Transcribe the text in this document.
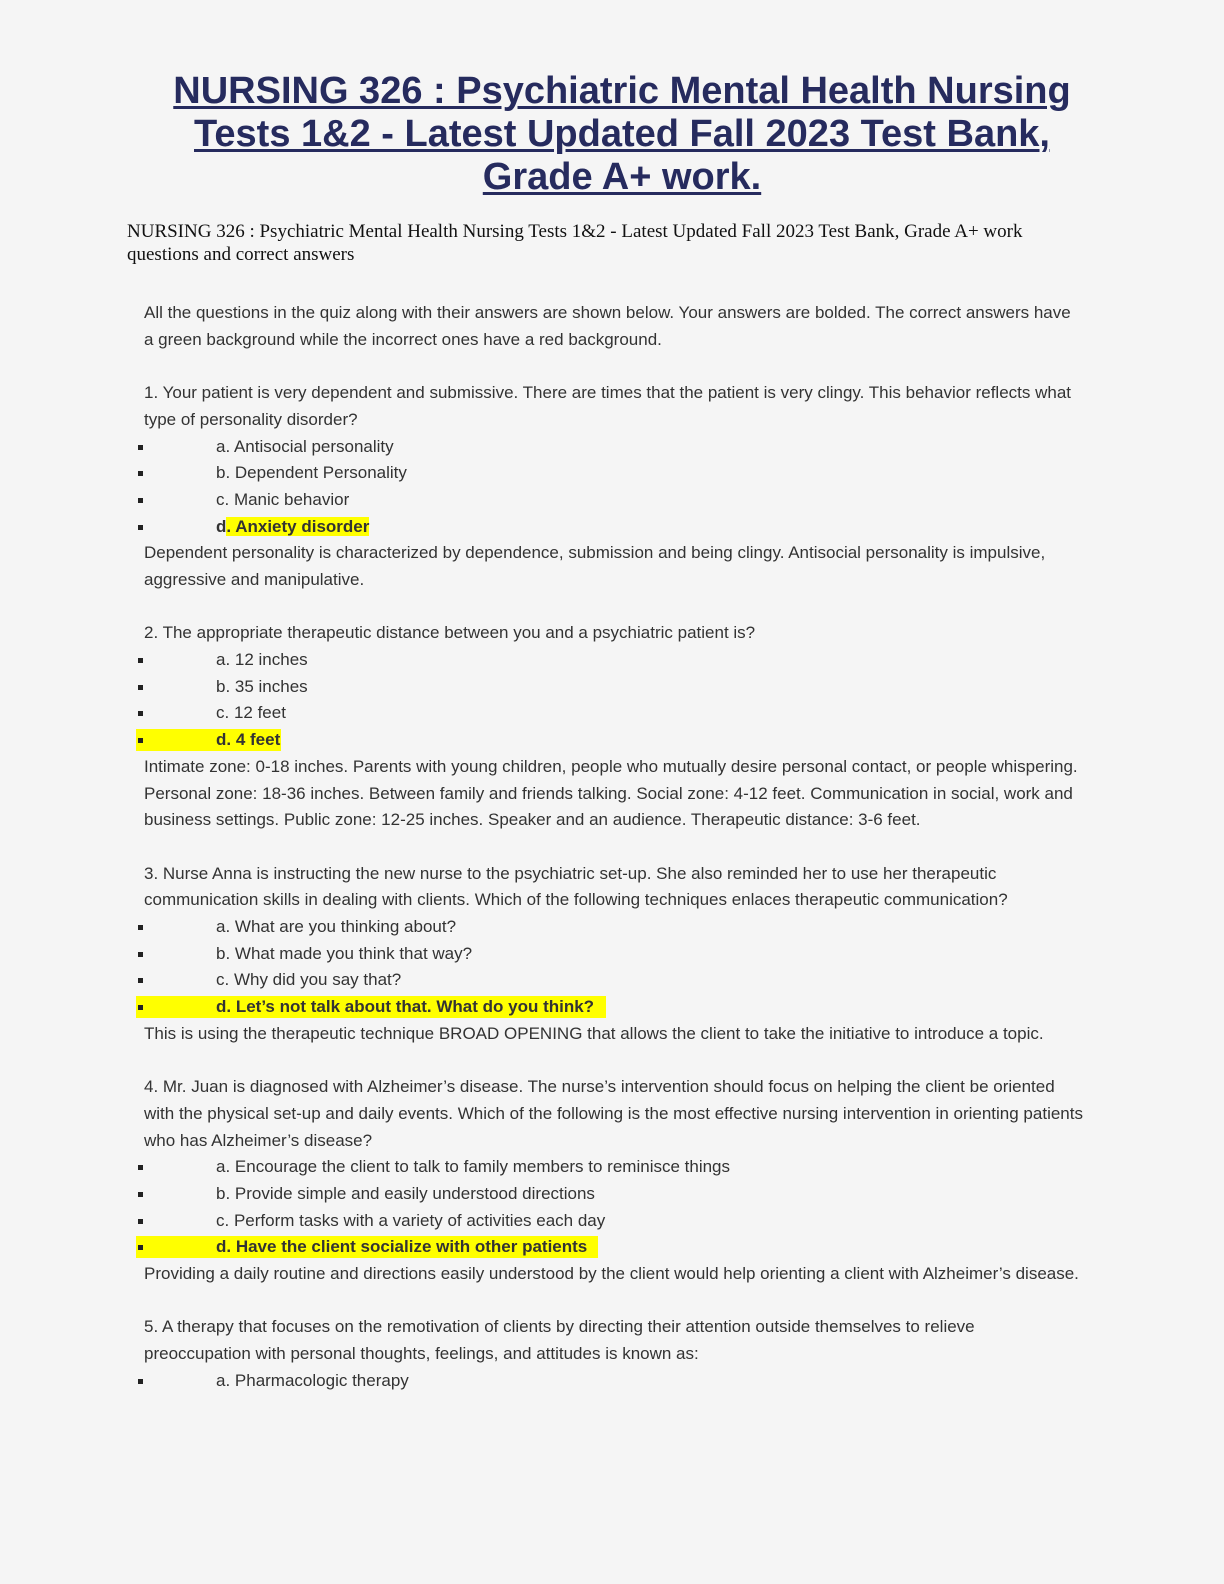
NURSING 326 : Psychiatric Mental Health Nursing Tests 1&2 - Latest Updated Fall 2023 Test Bank, Grade A+ work.

NURSING 326 : Psychiatric Mental Health Nursing Tests 1&2 - Latest Updated Fall 2023 Test Bank, Grade A+ work questions and correct answers

All the questions in the quiz along with their answers are shown below. Your answers are bolded. The correct answers have a green background while the incorrect ones have a red background.

1. Your patient is very dependent and submissive. There are times that the patient is very clingy. This behavior reflects what type of personality disorder?

a. Antisocial personality
b. Dependent Personality
c. Manic behavior
d. Anxiety disorder

Dependent personality is characterized by dependence, submission and being clingy. Antisocial personality is impulsive, aggressive and manipulative.

2. The appropriate therapeutic distance between you and a psychiatric patient is?

a. 12 inches
b. 35 inches
c. 12 feet
d. 4 feet

Intimate zone: 0-18 inches. Parents with young children, people who mutually desire personal contact, or people whispering. Personal zone: 18-36 inches. Between family and friends talking. Social zone: 4-12 feet. Communication in social, work and business settings. Public zone: 12-25 inches. Speaker and an audience. Therapeutic distance: 3-6 feet.

3. Nurse Anna is instructing the new nurse to the psychiatric set-up. She also reminded her to use her therapeutic communication skills in dealing with clients. Which of the following techniques enlaces therapeutic communication?

a. What are you thinking about?
b. What made you think that way?
c. Why did you say that?
d. Let’s not talk about that. What do you think?

This is using the therapeutic technique BROAD OPENING that allows the client to take the initiative to introduce a topic.

4. Mr. Juan is diagnosed with Alzheimer’s disease. The nurse’s intervention should focus on helping the client be oriented with the physical set-up and daily events. Which of the following is the most effective nursing intervention in orienting patients who has Alzheimer’s disease?

a. Encourage the client to talk to family members to reminisce things
b. Provide simple and easily understood directions
c. Perform tasks with a variety of activities each day
d. Have the client socialize with other patients

Providing a daily routine and directions easily understood by the client would help orienting a client with Alzheimer’s disease.

5. A therapy that focuses on the remotivation of clients by directing their attention outside themselves to relieve preoccupation with personal thoughts, feelings, and attitudes is known as:

a. Pharmacologic therapy
